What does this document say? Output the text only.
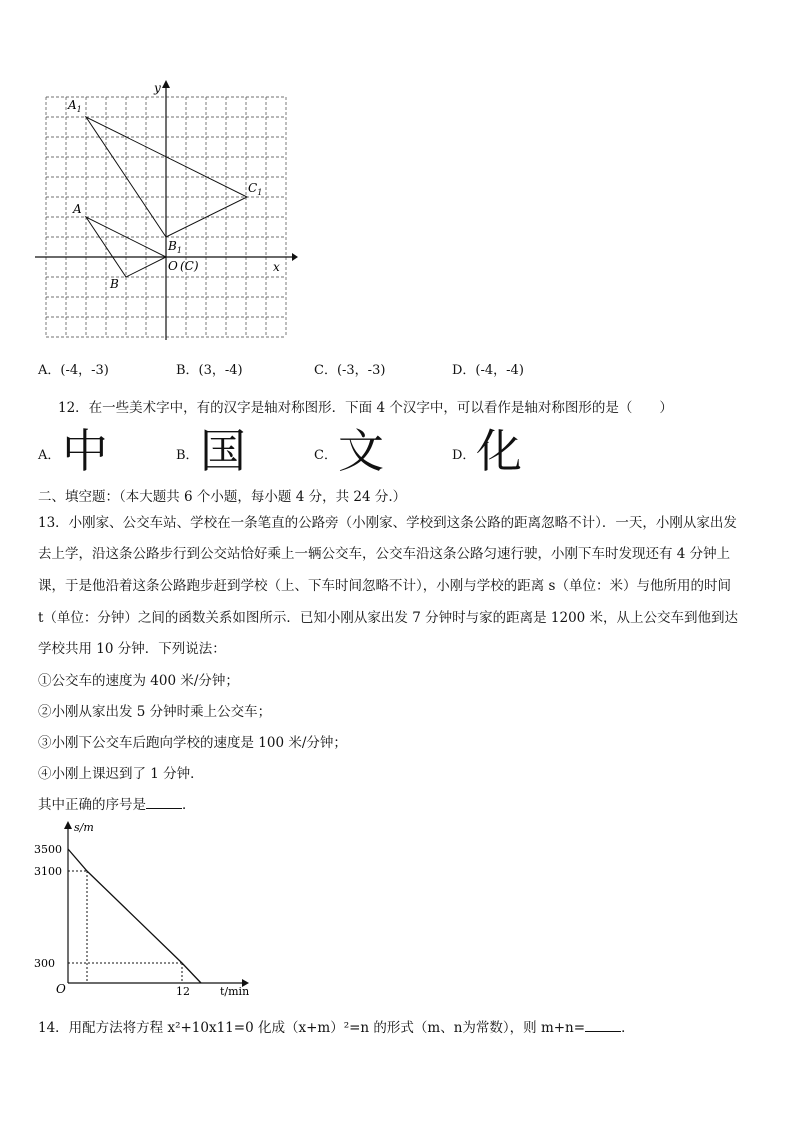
y
x
$A_1$
$C_1$
$B_1$
A
B
O (C)
A．(-4，-3)	B．(3，-4)	C．(-3，-3)	D．(-4，-4)
12．在一些美术字中，有的汉字是轴对称图形．下面 4 个汉字中，可以看作是轴对称图形的是（　　）
A． 中	B． 国	C． 文	D． 化
二、填空题：（本大题共 6 个小题，每小题 4 分，共 24 分.）
13．小刚家、公交车站、学校在一条笔直的公路旁（小刚家、学校到这条公路的距离忽略不计）．一天，小刚从家出发
去上学，沿这条公路步行到公交站恰好乘上一辆公交车，公交车沿这条公路匀速行驶，小刚下车时发现还有 4 分钟上
课，于是他沿着这条公路跑步赶到学校（上、下车时间忽略不计），小刚与学校的距离 s（单位：米）与他所用的时间
t（单位：分钟）之间的函数关系如图所示．已知小刚从家出发 7 分钟时与家的距离是 1200 米，从上公交车到他到达
学校共用 10 分钟．下列说法：
①公交车的速度为 400 米/分钟；
②小刚从家出发 5 分钟时乘上公交车；
③小刚下公交车后跑向学校的速度是 100 米/分钟；
④小刚上课迟到了 1 分钟．
其中正确的序号是	．
s/m
t/min
O
3500
3100
300
12
14．用配方法将方程 x²+10x11=0 化成（x+m）²=n 的形式（m、n为常数），则 m+n=	．
